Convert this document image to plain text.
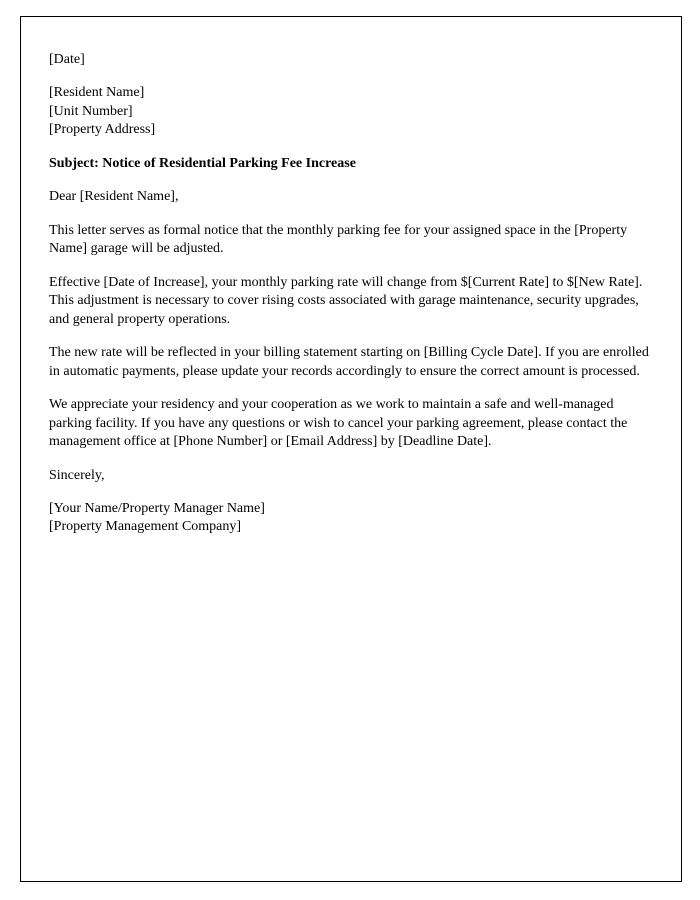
[Date]
[Resident Name]
[Unit Number]
[Property Address]
Subject: Notice of Residential Parking Fee Increase
Dear [Resident Name],

This letter serves as formal notice that the monthly parking fee for your assigned space in the [Property Name] garage will be adjusted.

Effective [Date of Increase], your monthly parking rate will change from $[Current Rate] to $[New Rate]. This adjustment is necessary to cover rising costs associated with garage maintenance, security upgrades, and general property operations.

The new rate will be reflected in your billing statement starting on [Billing Cycle Date]. If you are enrolled in automatic payments, please update your records accordingly to ensure the correct amount is processed.

We appreciate your residency and your cooperation as we work to maintain a safe and well-managed parking facility. If you have any questions or wish to cancel your parking agreement, please contact the management office at [Phone Number] or [Email Address] by [Deadline Date].

Sincerely,
[Your Name/Property Manager Name]
[Property Management Company]
